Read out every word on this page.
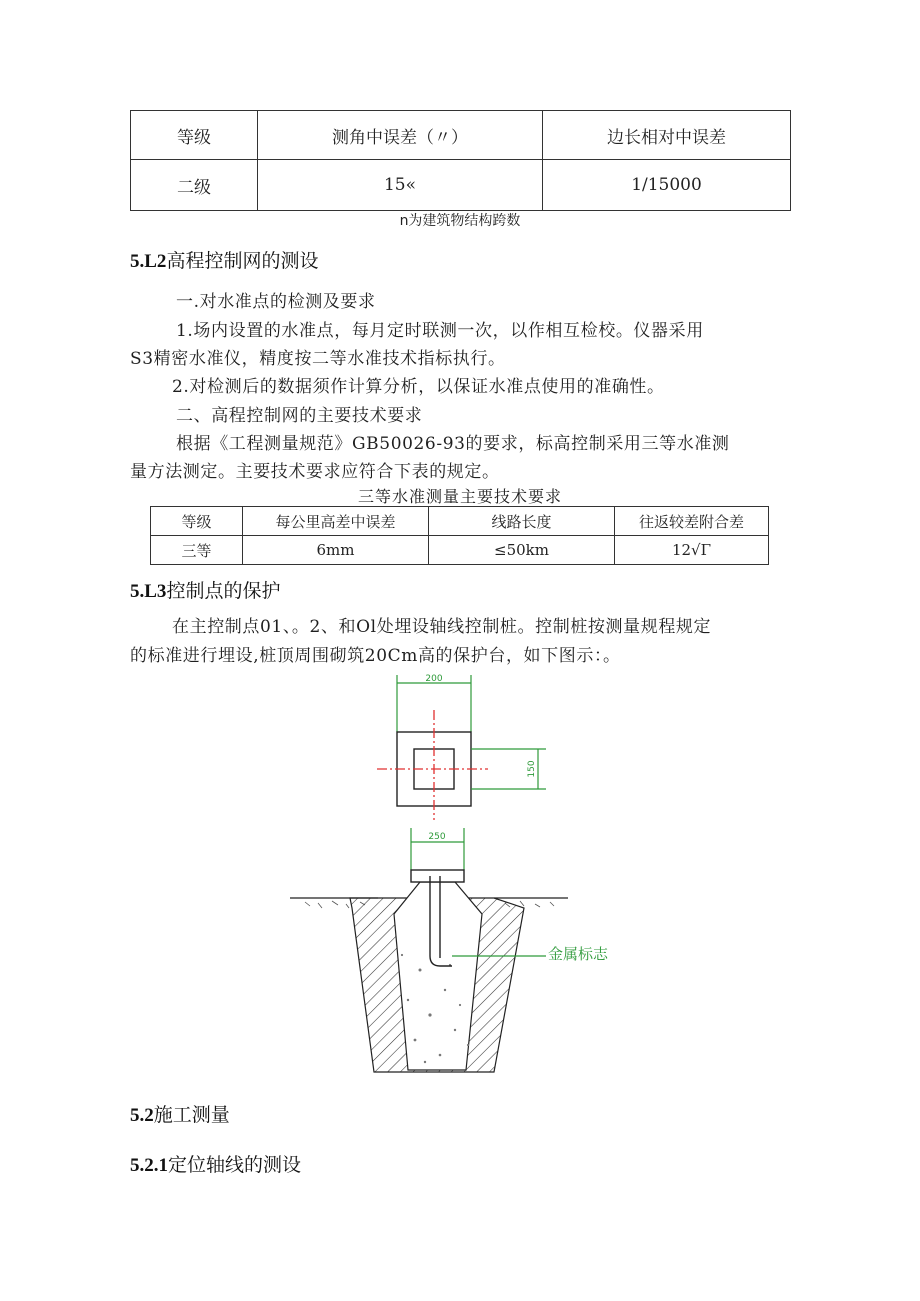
等级	测角中误差（〃）	边长相对中误差
二级	15«	1/15000
n为建筑物结构跨数
5.L2高程控制网的测设
一.对水准点的检测及要求
1.场内设置的水准点，每月定时联测一次，以作相互检校。仪器采用
S3精密水准仪，精度按二等水准技术指标执行。
2.对检测后的数据须作计算分析，以保证水准点使用的准确性。
二、高程控制网的主要技术要求
根据《工程测量规范》GB50026-93的要求，标高控制采用三等水准测
量方法测定。主要技术要求应符合下表的规定。
三等水准测量主要技术要求
等级	每公里高差中误差	线路长度	往返较差附合差
三等	6mm	≤50km	12√Γ
5.L3控制点的保护
在主控制点01、。2、和Ol处埋设轴线控制桩。控制桩按测量规程规定
的标准进行埋设,桩顶周围砌筑20Cm高的保护台，如下图示：。
200
150
250
金属标志
5.2施工测量
5.2.1定位轴线的测设
